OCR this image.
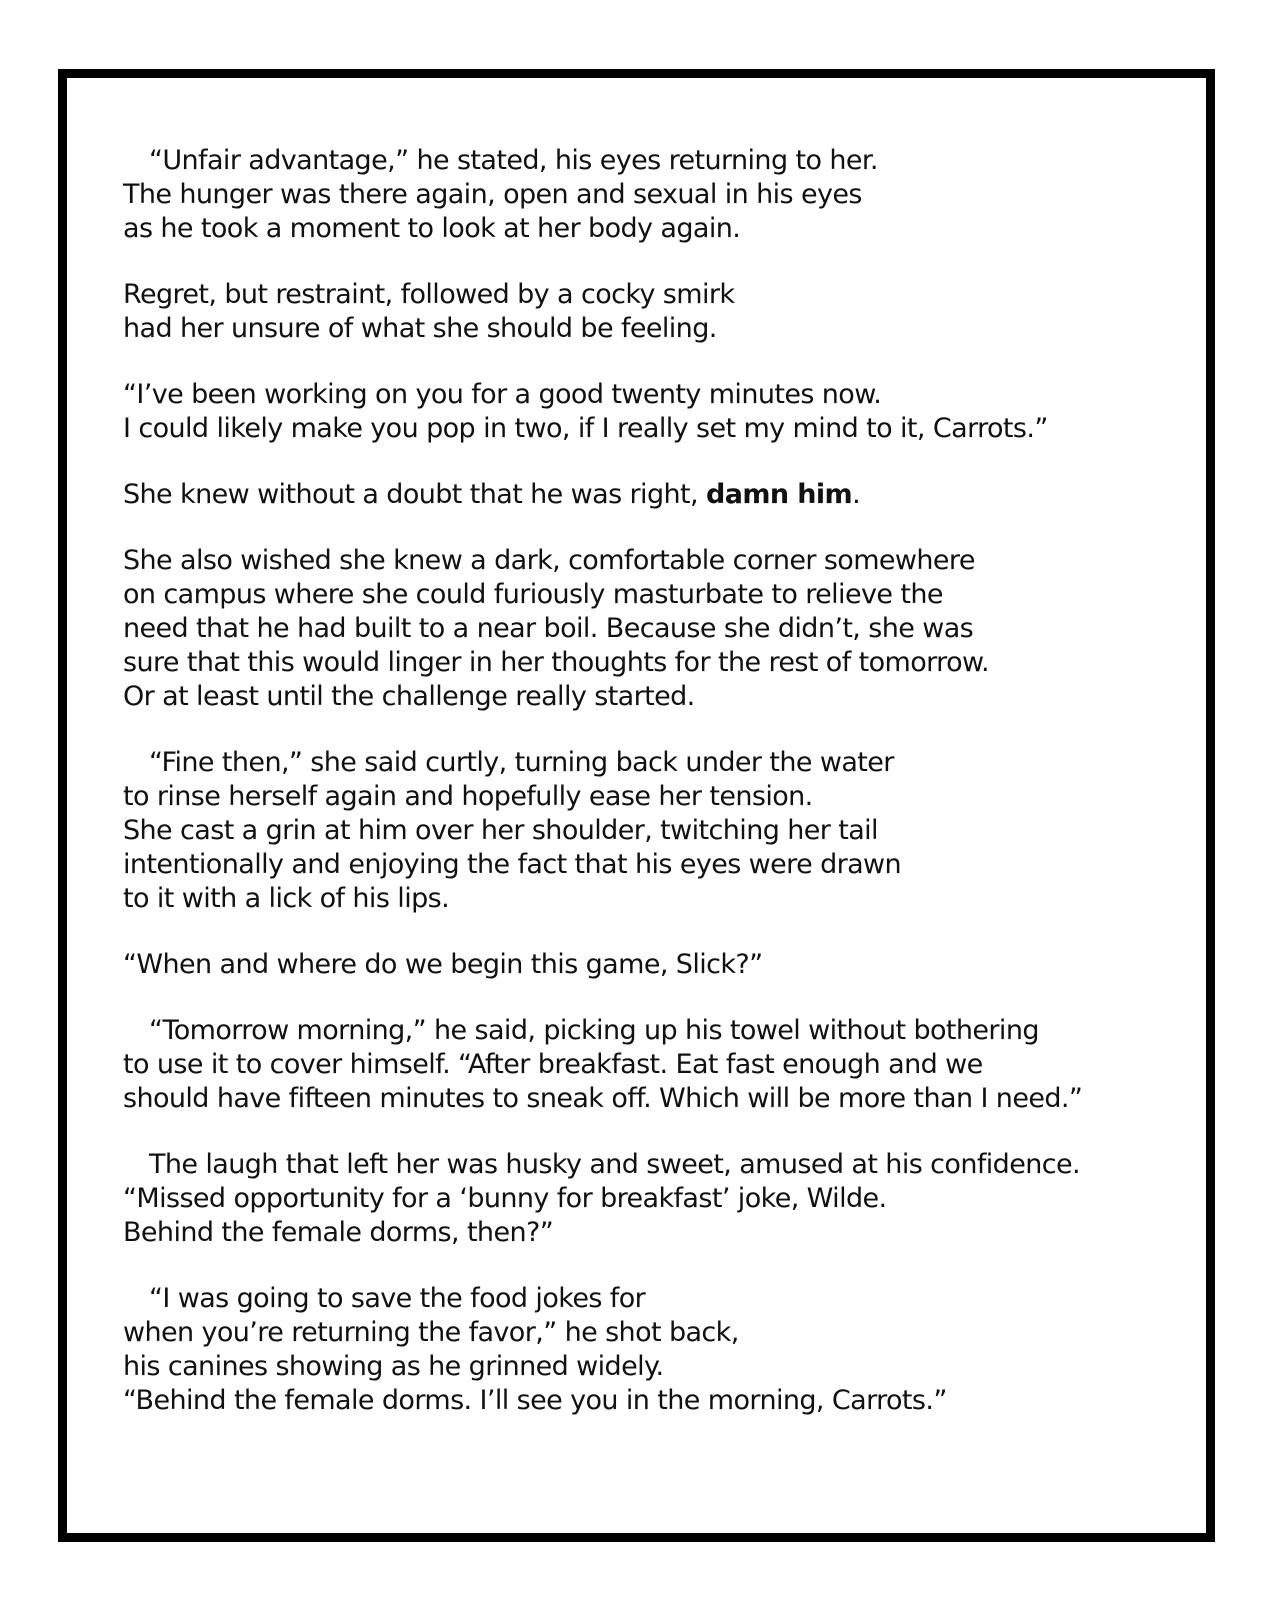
“Unfair advantage,” he stated, his eyes returning to her.
The hunger was there again, open and sexual in his eyes
as he took a moment to look at her body again.

Regret, but restraint, followed by a cocky smirk
had her unsure of what she should be feeling.

“I’ve been working on you for a good twenty minutes now.
I could likely make you pop in two, if I really set my mind to it, Carrots.”

She knew without a doubt that he was right, damn him.

She also wished she knew a dark, comfortable corner somewhere
on campus where she could furiously masturbate to relieve the
need that he had built to a near boil. Because she didn’t, she was
sure that this would linger in her thoughts for the rest of tomorrow.
Or at least until the challenge really started.

“Fine then,” she said curtly, turning back under the water
to rinse herself again and hopefully ease her tension.
She cast a grin at him over her shoulder, twitching her tail
intentionally and enjoying the fact that his eyes were drawn
to it with a lick of his lips.

“When and where do we begin this game, Slick?”

“Tomorrow morning,” he said, picking up his towel without bothering
to use it to cover himself. “After breakfast. Eat fast enough and we
should have fifteen minutes to sneak off. Which will be more than I need.”

The laugh that left her was husky and sweet, amused at his confidence.
“Missed opportunity for a ‘bunny for breakfast’ joke, Wilde.
Behind the female dorms, then?”

“I was going to save the food jokes for
when you’re returning the favor,” he shot back,
his canines showing as he grinned widely.
“Behind the female dorms. I’ll see you in the morning, Carrots.”
